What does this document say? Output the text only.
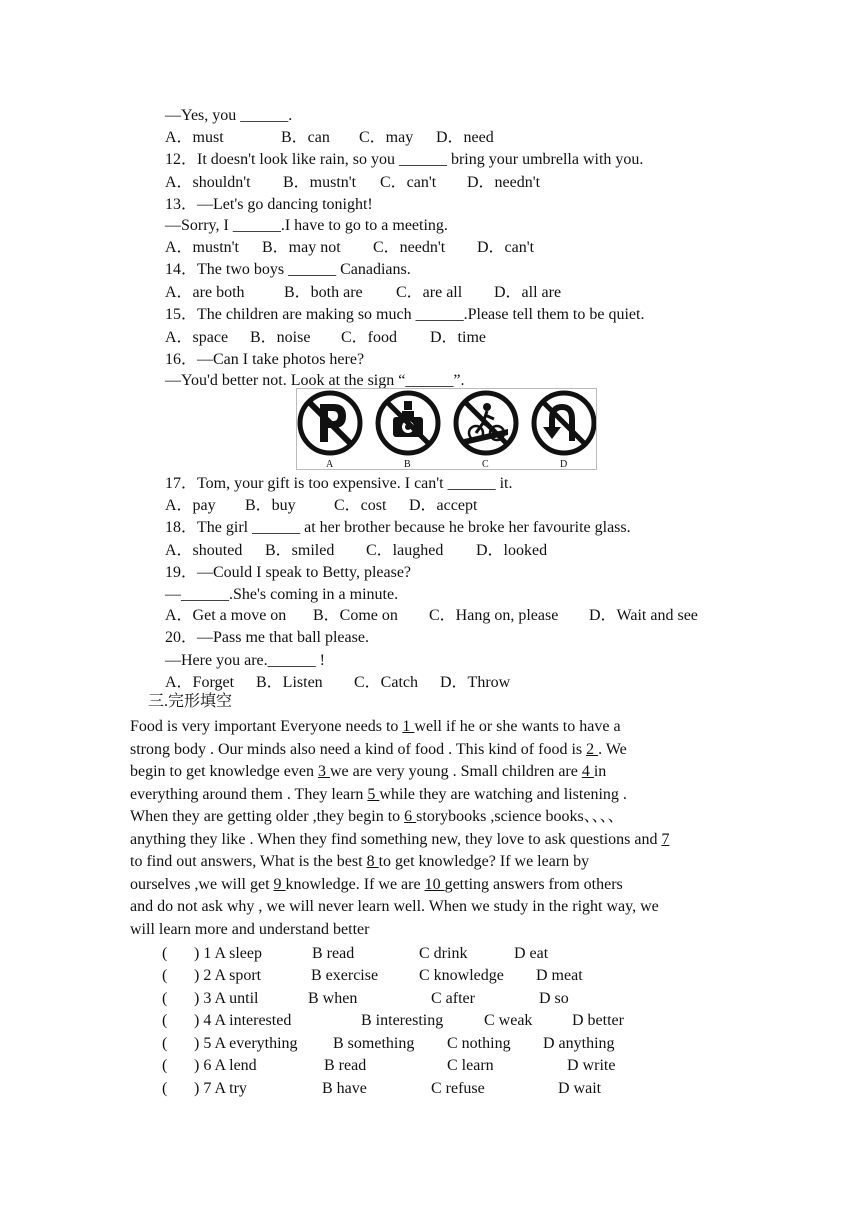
—Yes, you ______.
12．It doesn't look like rain, so you ______ bring your umbrella with you.
13．—Let's go dancing tonight!
—Sorry, I ______.I have to go to a meeting.
14．The two boys ______ Canadians.
15．The children are making so much ______.Please tell them to be quiet.
16．—Can I take photos here?
—You'd better not. Look at the sign “______”.
17．Tom, your gift is too expensive. I can't ______ it.
18．The girl ______ at her brother because he broke her favourite glass.
19．—Could I speak to Betty, please?
—______.She's coming in a minute.
20．—Pass me that ball please.
—Here you are.______ !
A．must	B．can C．may D．need
A．shouldn't B．mustn't C．can't D．needn't
A．mustn't B．may not C．needn't D．can't
A．are both B．both are C．are all D．all are
A．space B．noise C．food D．time
A．pay B．buy C．cost D．accept
A．shouted B．smiled C．laughed D．looked
A．Get a move on B．Come on C．Hang on, please D．Wait and see
A．Forget B．Listen C．Catch D．Throw
A	B	C	D
三.完形填空
Food is very important Everyone needs to 1 well if he or she wants to have a
strong body . Our minds also need a kind of food . This kind of food is 2 . We
begin to get knowledge even 3 we are very young . Small children are 4 in
everything around them . They learn 5 while they are watching and listening .
When they are getting older ,they begin to 6 storybooks ,science books、、、、
anything they like . When they find something new, they love to ask questions and 7
to find out answers, What is the best 8 to get knowledge? If we learn by
ourselves ,we will get 9 knowledge. If we are 10 getting answers from others
and do not ask why , we will never learn well. When we study in the right way, we
will learn more and understand better
( ) 1 A sleep	B read	C drink	D eat
( ) 2 A sport	B exercise	C knowledge D meat
( ) 3 A until	B when	C after	D so
( ) 4 A interested	B interesting	C weak D better
( ) 5 A everything B something C nothing D anything
( ) 6 A lend	B read	C learn	D write
( ) 7 A try	B have	C refuse	D wait
